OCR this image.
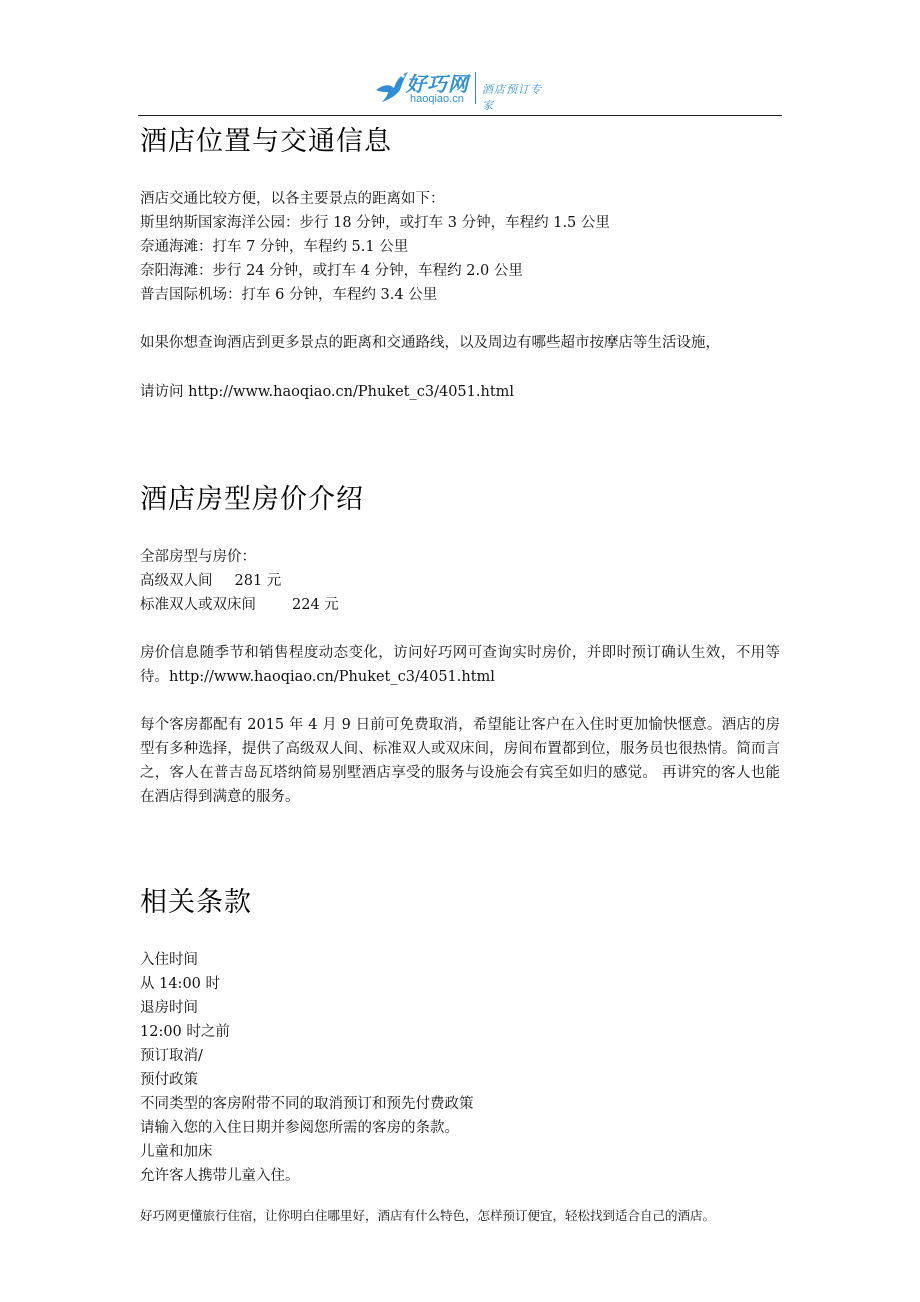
好巧网
haoqiao.cn
酒店预订专家
酒店位置与交通信息

酒店交通比较方便，以各主要景点的距离如下：

斯里纳斯国家海洋公园：步行 18 分钟，或打车 3 分钟，车程约 1.5 公里

奈通海滩：打车 7 分钟，车程约 5.1 公里

奈阳海滩：步行 24 分钟，或打车 4 分钟，车程约 2.0 公里

普吉国际机场：打车 6 分钟，车程约 3.4 公里

如果你想查询酒店到更多景点的距离和交通路线，以及周边有哪些超市按摩店等生活设施，

请访问 http://www.haoqiao.cn/Phuket_c3/4051.html

酒店房型房价介绍

全部房型与房价：

高级双人间 281 元

标准双人或双床间 224 元

房价信息随季节和销售程度动态变化，访问好巧网可查询实时房价，并即时预订确认生效，不用等待。http://www.haoqiao.cn/Phuket_c3/4051.html

每个客房都配有 2015 年 4 月 9 日前可免费取消，希望能让客户在入住时更加愉快惬意。酒店的房型有多种选择，提供了高级双人间、标准双人或双床间，房间布置都到位，服务员也很热情。简而言之，客人在普吉岛瓦塔纳简易别墅酒店享受的服务与设施会有宾至如归的感觉。 再讲究的客人也能在酒店得到满意的服务。

相关条款

入住时间

从 14:00 时

退房时间

12:00 时之前

预订取消/

预付政策

不同类型的客房附带不同的取消预订和预先付费政策

请输入您的入住日期并参阅您所需的客房的条款。

儿童和加床

允许客人携带儿童入住。

好巧网更懂旅行住宿，让你明白住哪里好，酒店有什么特色，怎样预订便宜，轻松找到适合自己的酒店。
